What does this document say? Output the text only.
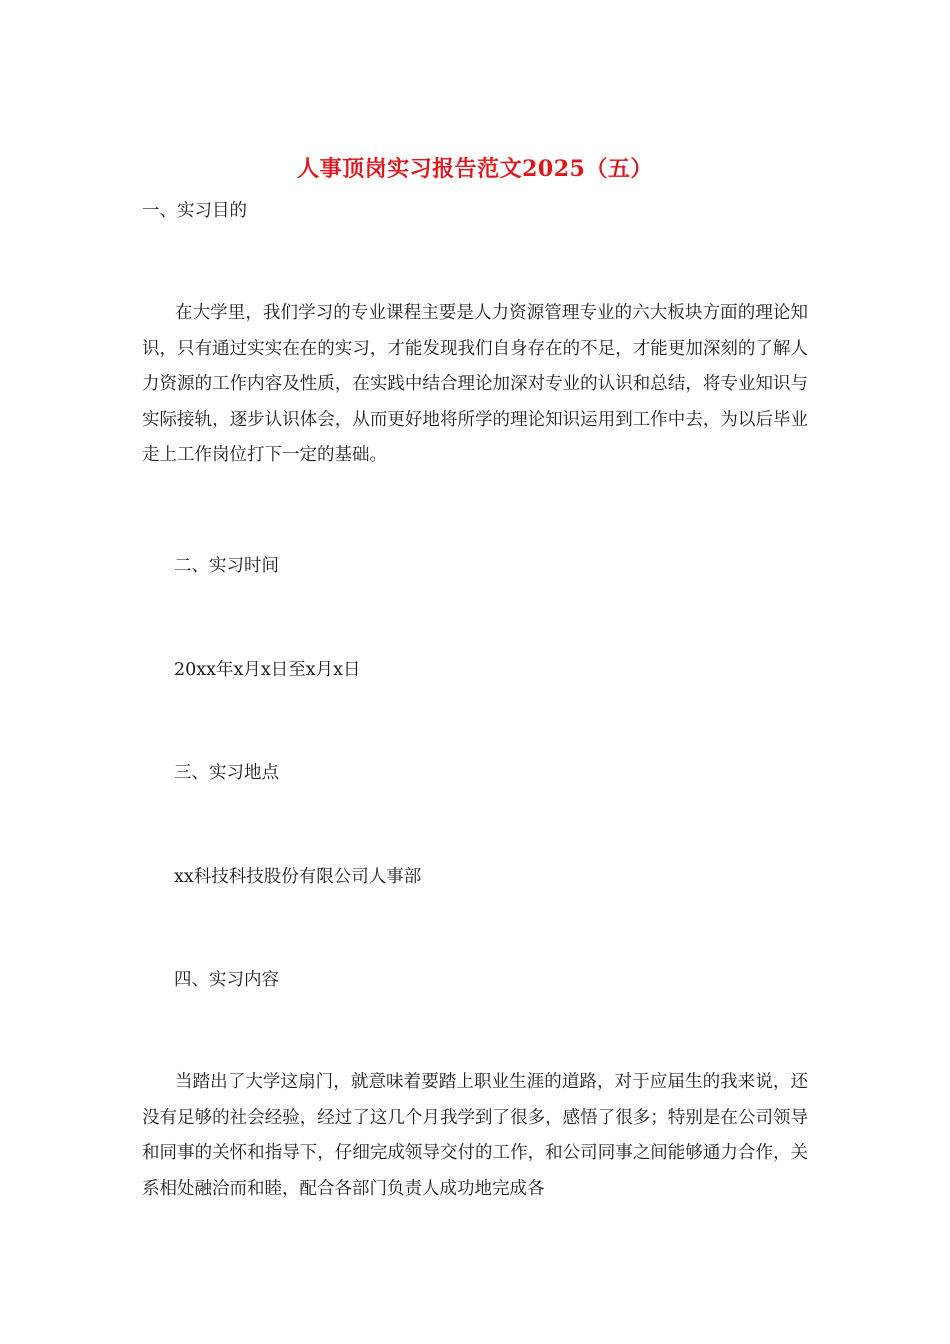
人事顶岗实习报告范文2025（五）
一、实习目的
在大学里，我们学习的专业课程主要是人力资源管理专业的六大板块方面的理论知识，只有通过实实在在的实习，才能发现我们自身存在的不足，才能更加深刻的了解人力资源的工作内容及性质，在实践中结合理论加深对专业的认识和总结，将专业知识与实际接轨，逐步认识体会，从而更好地将所学的理论知识运用到工作中去，为以后毕业走上工作岗位打下一定的基础。
二、实习时间
20xx年x月x日至x月x日
三、实习地点
xx科技科技股份有限公司人事部
四、实习内容
当踏出了大学这扇门，就意味着要踏上职业生涯的道路，对于应届生的我来说，还没有足够的社会经验，经过了这几个月我学到了很多，感悟了很多；特别是在公司领导和同事的关怀和指导下，仔细完成领导交付的工作，和公司同事之间能够通力合作，关系相处融洽而和睦，配合各部门负责人成功地完成各
